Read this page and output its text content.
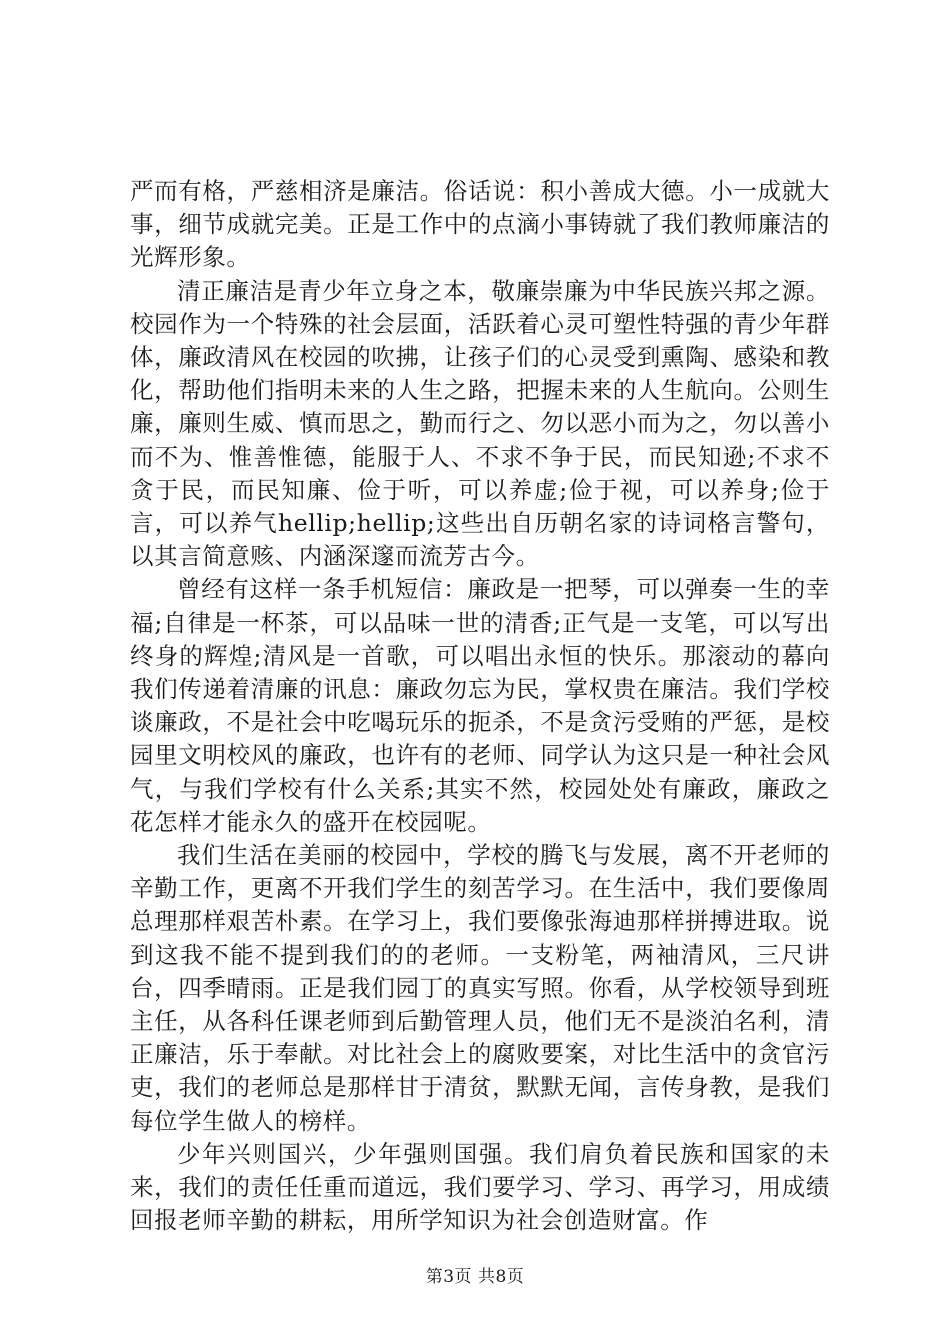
严而有格，严慈相济是廉洁。俗话说：积小善成大德。小一成就大事，细节成就完美。正是工作中的点滴小事铸就了我们教师廉洁的光辉形象。

清正廉洁是青少年立身之本，敬廉崇廉为中华民族兴邦之源。校园作为一个特殊的社会层面，活跃着心灵可塑性特强的青少年群体，廉政清风在校园的吹拂，让孩子们的心灵受到熏陶、感染和教化，帮助他们指明未来的人生之路，把握未来的人生航向。公则生廉，廉则生威、慎而思之，勤而行之、勿以恶小而为之，勿以善小而不为、惟善惟德，能服于人、不求不争于民，而民知逊;不求不贪于民，而民知廉、俭于听，可以养虚;俭于视，可以养身;俭于言，可以养气hellip;hellip;这些出自历朝名家的诗词格言警句，以其言简意赅、内涵深邃而流芳古今。

曾经有这样一条手机短信：廉政是一把琴，可以弹奏一生的幸福;自律是一杯茶，可以品味一世的清香;正气是一支笔，可以写出终身的辉煌;清风是一首歌，可以唱出永恒的快乐。那滚动的幕向我们传递着清廉的讯息：廉政勿忘为民，掌权贵在廉洁。我们学校谈廉政，不是社会中吃喝玩乐的扼杀，不是贪污受贿的严惩，是校园里文明校风的廉政，也许有的老师、同学认为这只是一种社会风气，与我们学校有什么关系;其实不然，校园处处有廉政，廉政之花怎样才能永久的盛开在校园呢。

我们生活在美丽的校园中，学校的腾飞与发展，离不开老师的辛勤工作，更离不开我们学生的刻苦学习。在生活中，我们要像周总理那样艰苦朴素。在学习上，我们要像张海迪那样拼搏进取。说到这我不能不提到我们的的老师。一支粉笔，两袖清风，三尺讲台，四季晴雨。正是我们园丁的真实写照。你看，从学校领导到班主任，从各科任课老师到后勤管理人员，他们无不是淡泊名利，清正廉洁，乐于奉献。对比社会上的腐败要案，对比生活中的贪官污吏，我们的老师总是那样甘于清贫，默默无闻，言传身教，是我们每位学生做人的榜样。

少年兴则国兴，少年强则国强。我们肩负着民族和国家的未来，我们的责任任重而道远，我们要学习、学习、再学习，用成绩回报老师辛勤的耕耘，用所学知识为社会创造财富。作

第3页 共8页
